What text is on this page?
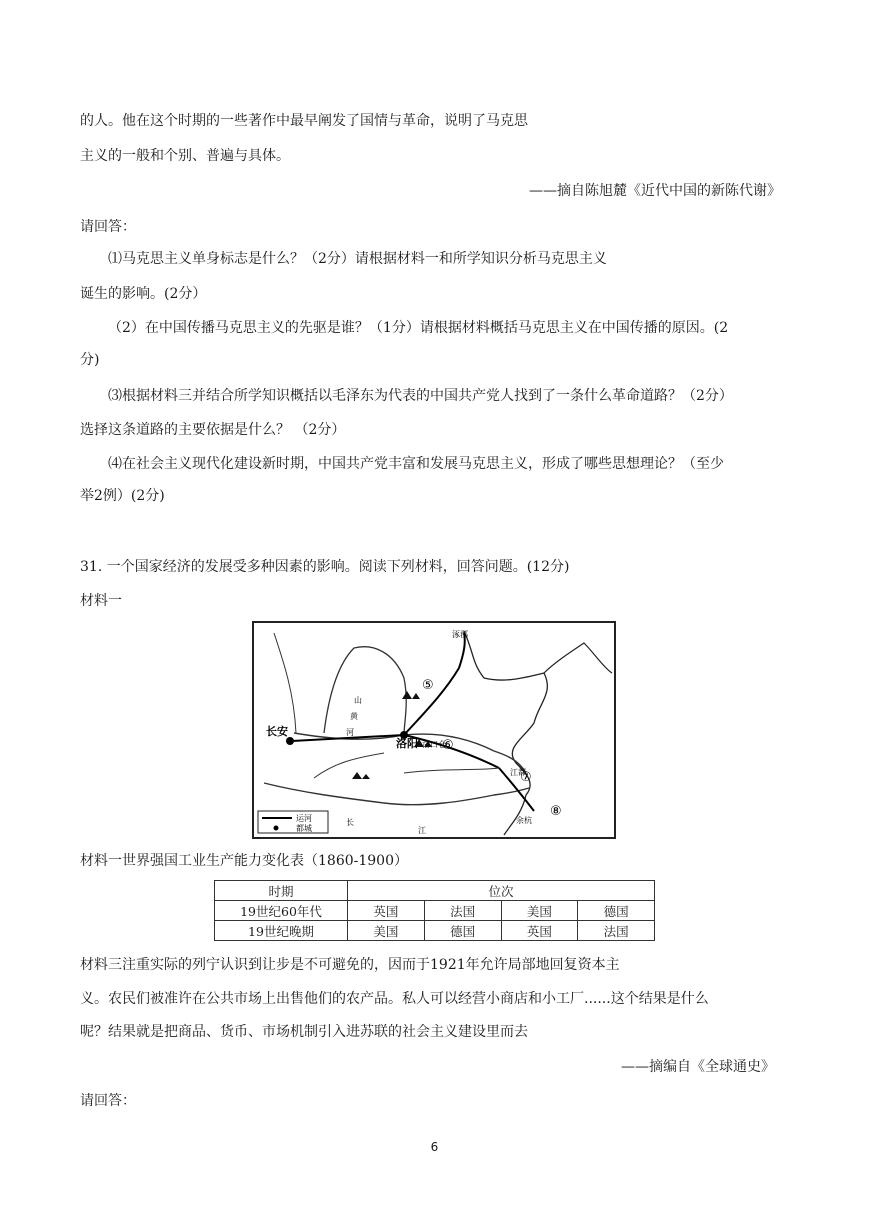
的人。他在这个时期的一些著作中最早阐发了国情与革命，说明了马克思
主义的一般和个别、普遍与具体。
——摘自陈旭麓《近代中国的新陈代谢》
请回答：
⑴马克思主义单身标志是什么？（2分）请根据材料一和所学知识分析马克思主义
诞生的影响。(2分）
（2）在中国传播马克思主义的先驱是谁？（1分）请根据材料概括马克思主义在中国传播的原因。(2
分)
⑶根据材料三并结合所学知识概括以毛泽东为代表的中国共产党人找到了一条什么革命道路？（2分）
选择这条道路的主要依据是什么？ （2分）
⑷在社会主义现代化建设新时期，中国共产党丰富和发展马克思主义，形成了哪些思想理论？（至少
举2例）(2分)
31. 一个国家经济的发展受多种因素的影响。阅读下列材料，回答问题。(12分)
材料一
长安
洛阳 洛口仓
涿郡
⑤
⑥
⑦
⑧
江都
余杭
山
黄
河
长
江
运河
都城
材料一世界强国工业生产能力变化表（1860-1900）
时期	位次			
19世纪60年代	英国	法国	美国	德国
19世纪晚期	美国	德国	英国	法国
材料三注重实际的列宁认识到让步是不可避免的，因而于1921年允许局部地回复资本主
义。农民们被准许在公共市场上出售他们的农产品。私人可以经营小商店和小工厂......这个结果是什么
呢？结果就是把商品、货币、市场机制引入进苏联的社会主义建设里而去
——摘编自《全球通史》
请回答：
6
